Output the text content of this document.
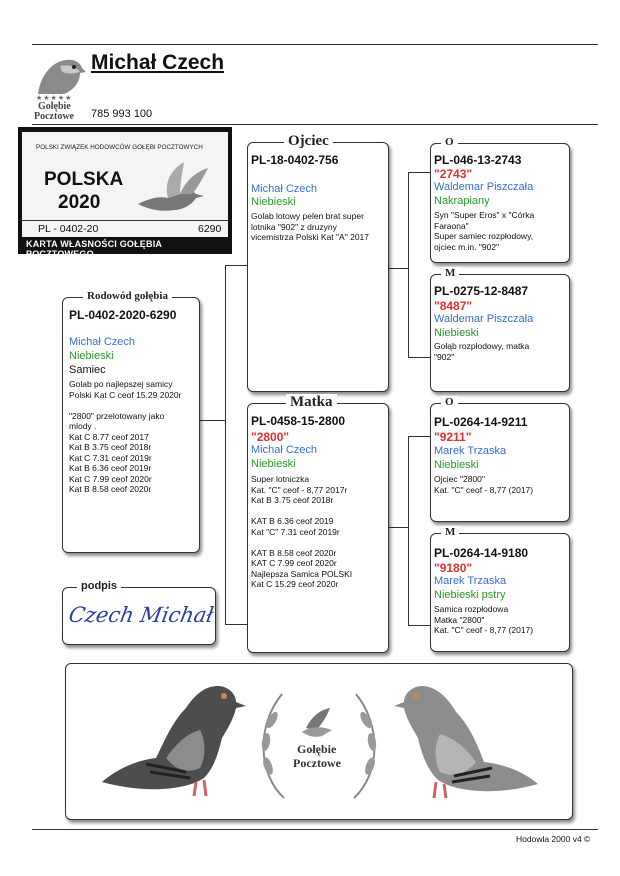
★★★★★
Gołębie
Pocztowe
Michał Czech
785 993 100
POLSKI ZWIĄZEK HODOWCÓW GOŁĘBI POCZTOWYCH
POLSKA
2020
PL - 0402-20	6290
KARTA WŁASNOŚCI GOŁĘBIA POCZTOWEGO
Rodowód gołębia
PL-0402-2020-6290
Michał Czech
Niebieski
Samiec
Golab po najlepszej samicy
Polski Kat C ceof 15.29 2020r

"2800" przelotowany jako
mlody .
Kat C 8.77 ceof 2017
Kat B 3.75 ceof 2018r
Kat C 7.31 ceof 2019r
Kat B 6.36 ceof 2019r
Kat C 7.99 ceof 2020r
Kat B 8.58 ceof 2020r
podpis
Czech Michał
Ojciec
PL-18-0402-756
Michał Czech
Niebieski
Golab lotowy pelen brat super
lotnika "902" z druzyny
vicemistrza Polski Kat "A" 2017
Matka
PL-0458-15-2800
"2800"
Michał Czech
Niebieski
Super lotniczka
Kat. "C" ceof - 8,77 2017r
Kat B 3.75 ceof 2018r

KAT B 6.36 ceof 2019
Kat "C" 7.31 ceof 2019r

KAT B 8.58 ceof 2020r
KAT C 7.99 ceof 2020r
Najlepsza Samica POLSKI
Kat C 15.29 ceof 2020r
O
PL-046-13-2743
"2743"
Waldemar Piszczała
Nakrapiany
Syn "Super Eros" x "Córka
Faraona"
Super samiec rozpłodowy,
ojciec m.in. "902"
M
PL-0275-12-8487
"8487"
Waldemar Piszczała
Niebieski
Gołąb rozpłodowy, matka
"902"
O
PL-0264-14-9211
"9211"
Marek Trzaska
Niebieski
Ojciec "2800"
Kat. "C" ceof - 8,77 (2017)
M
PL-0264-14-9180
"9180"
Marek Trzaska
Niebieski pstry
Samica rozpłodowa
Matka "2800"
Kat. "C" ceof - 8,77 (2017)
Gołębie
Pocztowe
Hodowla 2000 v4 ©
